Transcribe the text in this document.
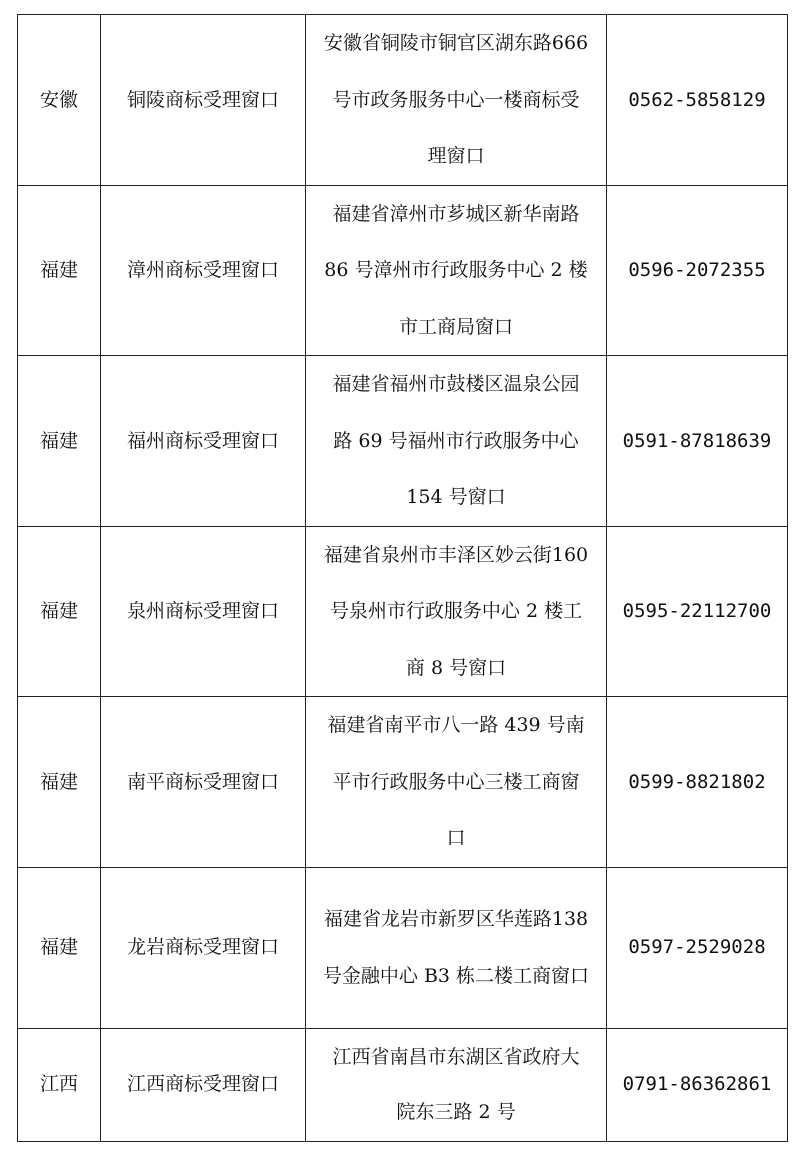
安徽	铜陵商标受理窗口	安徽省铜陵市铜官区湖东路666
号市政务服务中心一楼商标受
理窗口	0562-5858129
福建	漳州商标受理窗口	福建省漳州市芗城区新华南路
86 号漳州市行政服务中心 2 楼
市工商局窗口	0596-2072355
福建	福州商标受理窗口	福建省福州市鼓楼区温泉公园
路 69 号福州市行政服务中心
154 号窗口	0591-87818639
福建	泉州商标受理窗口	福建省泉州市丰泽区妙云街160
号泉州市行政服务中心 2 楼工
商 8 号窗口	0595-22112700
福建	南平商标受理窗口	福建省南平市八一路 439 号南
平市行政服务中心三楼工商窗
口	0599-8821802
福建	龙岩商标受理窗口	福建省龙岩市新罗区华莲路138
号金融中心 B3 栋二楼工商窗口	0597-2529028
江西	江西商标受理窗口	江西省南昌市东湖区省政府大
院东三路 2 号	0791-86362861
